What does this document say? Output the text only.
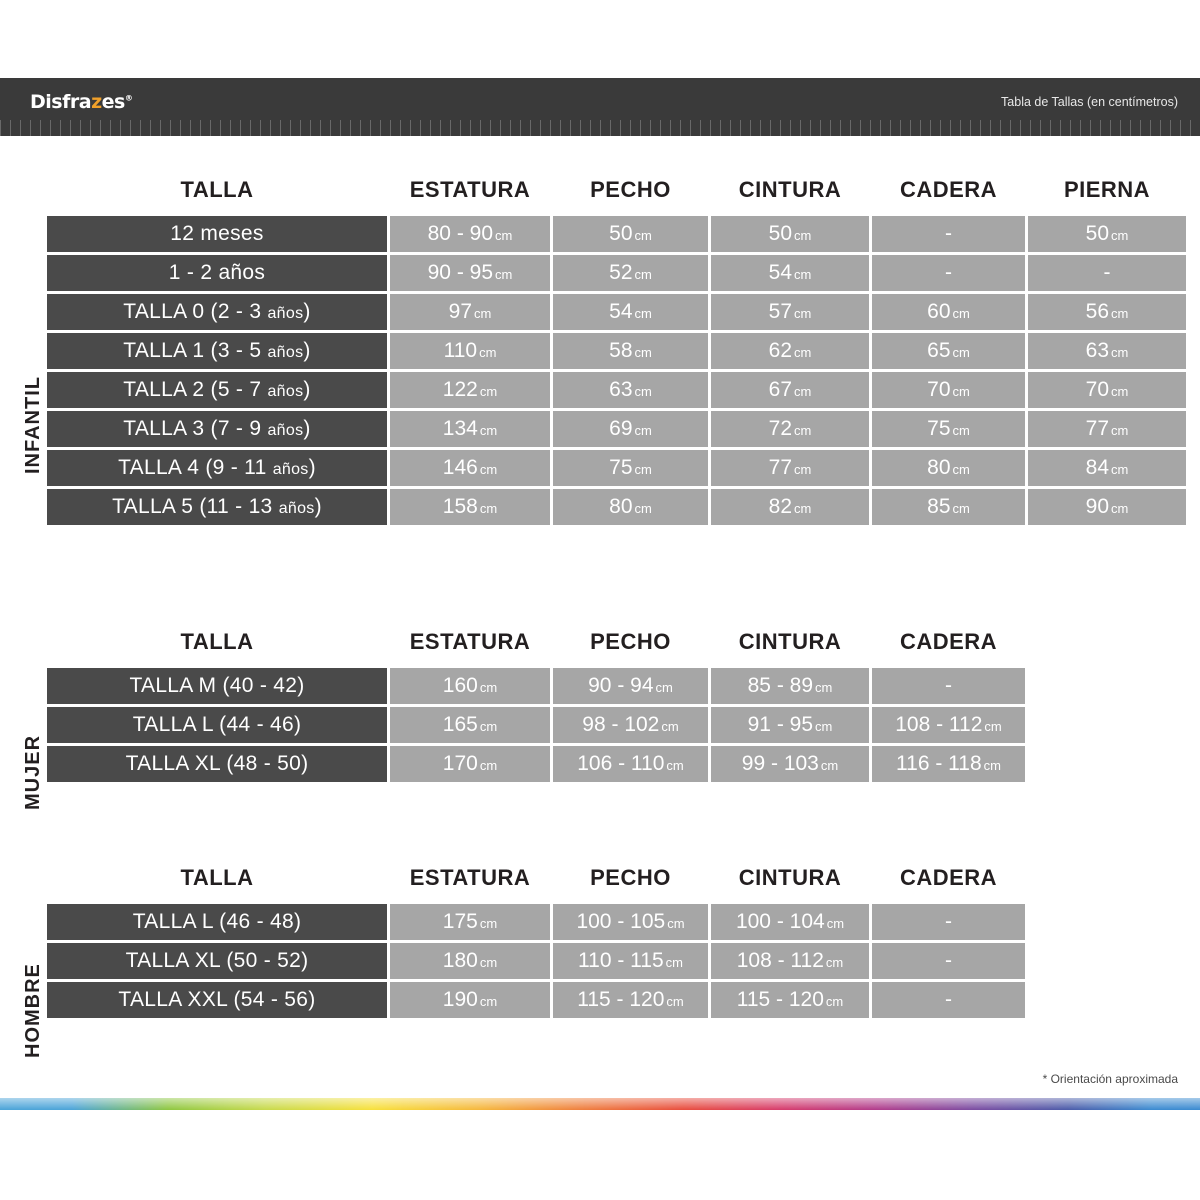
Disfrazes®	Tabla de Tallas (en centímetros)
INFANTIL
TALLA	ESTATURA	PECHO	CINTURA	CADERA	PIERNA
12 meses	80 - 90 cm	50 cm	50 cm	-	50 cm
1 - 2 años	90 - 95 cm	52 cm	54 cm	-	-
TALLA 0 (2 - 3 años)	97 cm	54 cm	57 cm	60 cm	56 cm
TALLA 1 (3 - 5 años)	110 cm	58 cm	62 cm	65 cm	63 cm
TALLA 2 (5 - 7 años)	122 cm	63 cm	67 cm	70 cm	70 cm
TALLA 3 (7 - 9 años)	134 cm	69 cm	72 cm	75 cm	77 cm
TALLA 4 (9 - 11 años)	146 cm	75 cm	77 cm	80 cm	84 cm
TALLA 5 (11 - 13 años)	158 cm	80 cm	82 cm	85 cm	90 cm
MUJER
TALLA	ESTATURA	PECHO	CINTURA	CADERA
TALLA M (40 - 42)	160 cm	90 - 94 cm	85 - 89 cm	-
TALLA L (44 - 46)	165 cm	98 - 102 cm	91 - 95 cm	108 - 112 cm
TALLA XL (48 - 50)	170 cm	106 - 110 cm	99 - 103 cm	116 - 118 cm
HOMBRE
TALLA	ESTATURA	PECHO	CINTURA	CADERA
TALLA L (46 - 48)	175 cm	100 - 105 cm	100 - 104 cm	-
TALLA XL (50 - 52)	180 cm	110 - 115 cm	108 - 112 cm	-
TALLA XXL (54 - 56)	190 cm	115 - 120 cm	115 - 120 cm	-
* Orientación aproximada
